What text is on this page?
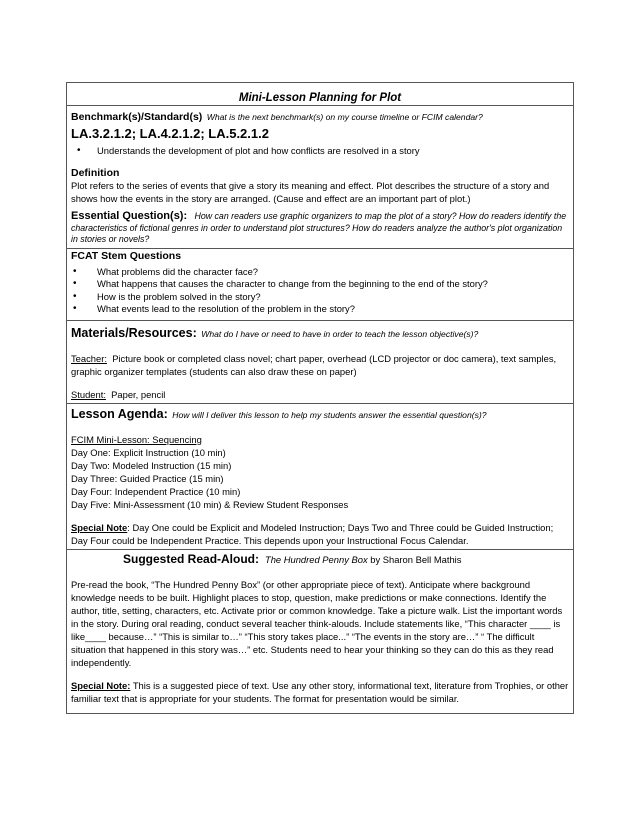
Mini-Lesson Planning for Plot
Benchmark(s)/Standard(s) What is the next benchmark(s) on my course timeline or FCIM calendar?
LA.3.2.1.2; LA.4.2.1.2; LA.5.2.1.2
• Understands the development of plot and how conflicts are resolved in a story
Definition
Plot refers to the series of events that give a story its meaning and effect. Plot describes the structure of a story and shows how the events in the story are arranged. (Cause and effect are an important part of plot.)
Essential Question(s): How can readers use graphic organizers to map the plot of a story? How do readers identify the characteristics of fictional genres in order to understand plot structures? How do readers analyze the author's plot organization in stories or novels?
FCAT Stem Questions
• What problems did the character face?
• What happens that causes the character to change from the beginning to the end of the story?
• How is the problem solved in the story?
• What events lead to the resolution of the problem in the story?
Materials/Resources: What do I have or need to have in order to teach the lesson objective(s)?
Teacher: Picture book or completed class novel; chart paper, overhead (LCD projector or doc camera), text samples, graphic organizer templates (students can also draw these on paper)
Student: Paper, pencil
Lesson Agenda: How will I deliver this lesson to help my students answer the essential question(s)?
FCIM Mini-Lesson: Sequencing
Day One: Explicit Instruction (10 min)
Day Two: Modeled Instruction (15 min)
Day Three: Guided Practice (15 min)
Day Four: Independent Practice (10 min)
Day Five: Mini-Assessment (10 min) & Review Student Responses
Special Note: Day One could be Explicit and Modeled Instruction; Days Two and Three could be Guided Instruction; Day Four could be Independent Practice. This depends upon your Instructional Focus Calendar.
Suggested Read-Aloud: The Hundred Penny Box by Sharon Bell Mathis
Pre-read the book, “The Hundred Penny Box” (or other appropriate piece of text). Anticipate where background knowledge needs to be built. Highlight places to stop, question, make predictions or make connections. Identify the author, title, setting, characters, etc. Activate prior or common knowledge. Take a picture walk. List the important words in the story. During oral reading, conduct several teacher think-alouds. Include statements like, “This character ____ is like____ because…” “This is similar to…” “This story takes place...” “The events in the story are…” “ The difficult situation that happened in this story was…” etc. Students need to hear your thinking so they can do this as they read independently.
Special Note: This is a suggested piece of text. Use any other story, informational text, literature from Trophies, or other familiar text that is appropriate for your students. The format for presentation would be similar.
